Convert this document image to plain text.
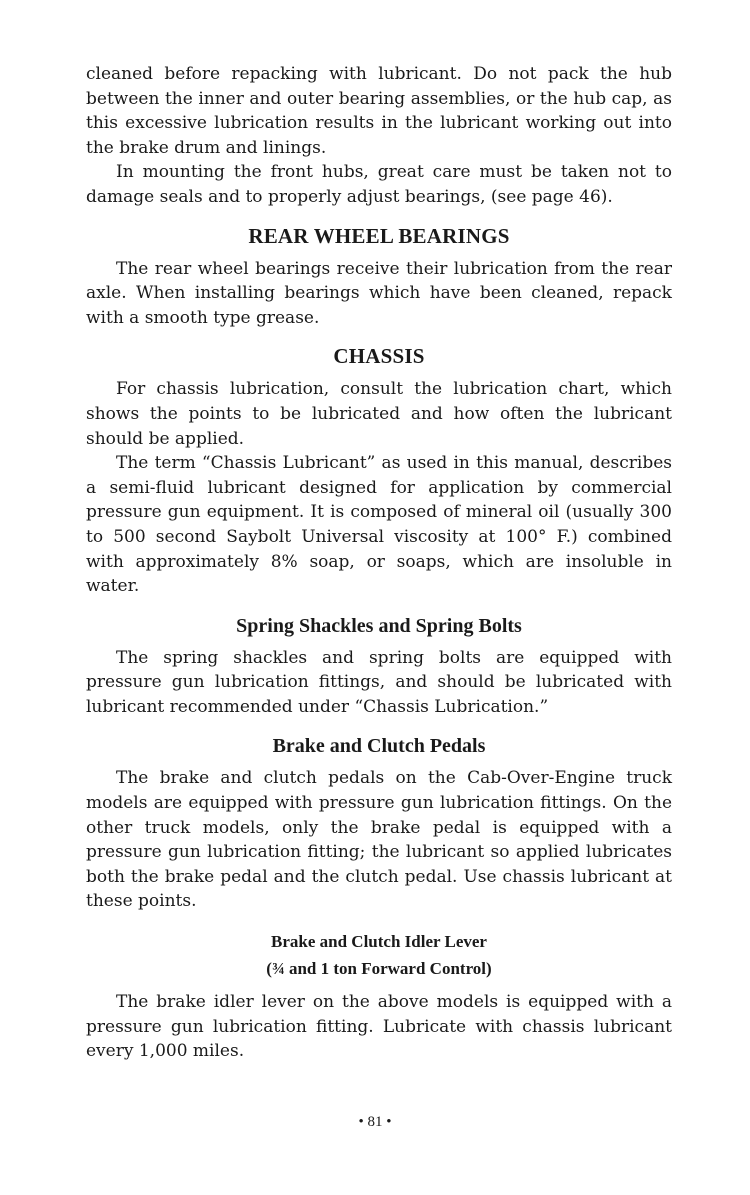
cleaned before repacking with lubricant. Do not pack the hub between the inner and outer bearing assemblies, or the hub cap, as this excessive lubrication results in the lubricant working out into the brake drum and linings.

In mounting the front hubs, great care must be taken not to damage seals and to properly adjust bearings, (see page 46).

REAR WHEEL BEARINGS

The rear wheel bearings receive their lubrication from the rear axle. When installing bearings which have been cleaned, repack with a smooth type grease.

CHASSIS

For chassis lubrication, consult the lubrication chart, which shows the points to be lubricated and how often the lubricant should be applied.

The term “Chassis Lubricant” as used in this manual, describes a semi-fluid lubricant designed for application by commercial pressure gun equipment. It is composed of mineral oil (usually 300 to 500 second Saybolt Universal viscosity at 100° F.) combined with approximately 8% soap, or soaps, which are insoluble in water.

Spring Shackles and Spring Bolts

The spring shackles and spring bolts are equipped with pressure gun lubrication fittings, and should be lubricated with lubricant recommended under “Chassis Lubrication.”

Brake and Clutch Pedals

The brake and clutch pedals on the Cab-Over-Engine truck models are equipped with pressure gun lubrication fittings. On the other truck models, only the brake pedal is equipped with a pressure gun lubrication fitting; the lubricant so applied lubricates both the brake pedal and the clutch pedal. Use chassis lubricant at these points.

Brake and Clutch Idler Lever
(¾ and 1 ton Forward Control)

The brake idler lever on the above models is equipped with a pressure gun lubrication fitting. Lubricate with chassis lubricant every 1,000 miles.

• 81 •
